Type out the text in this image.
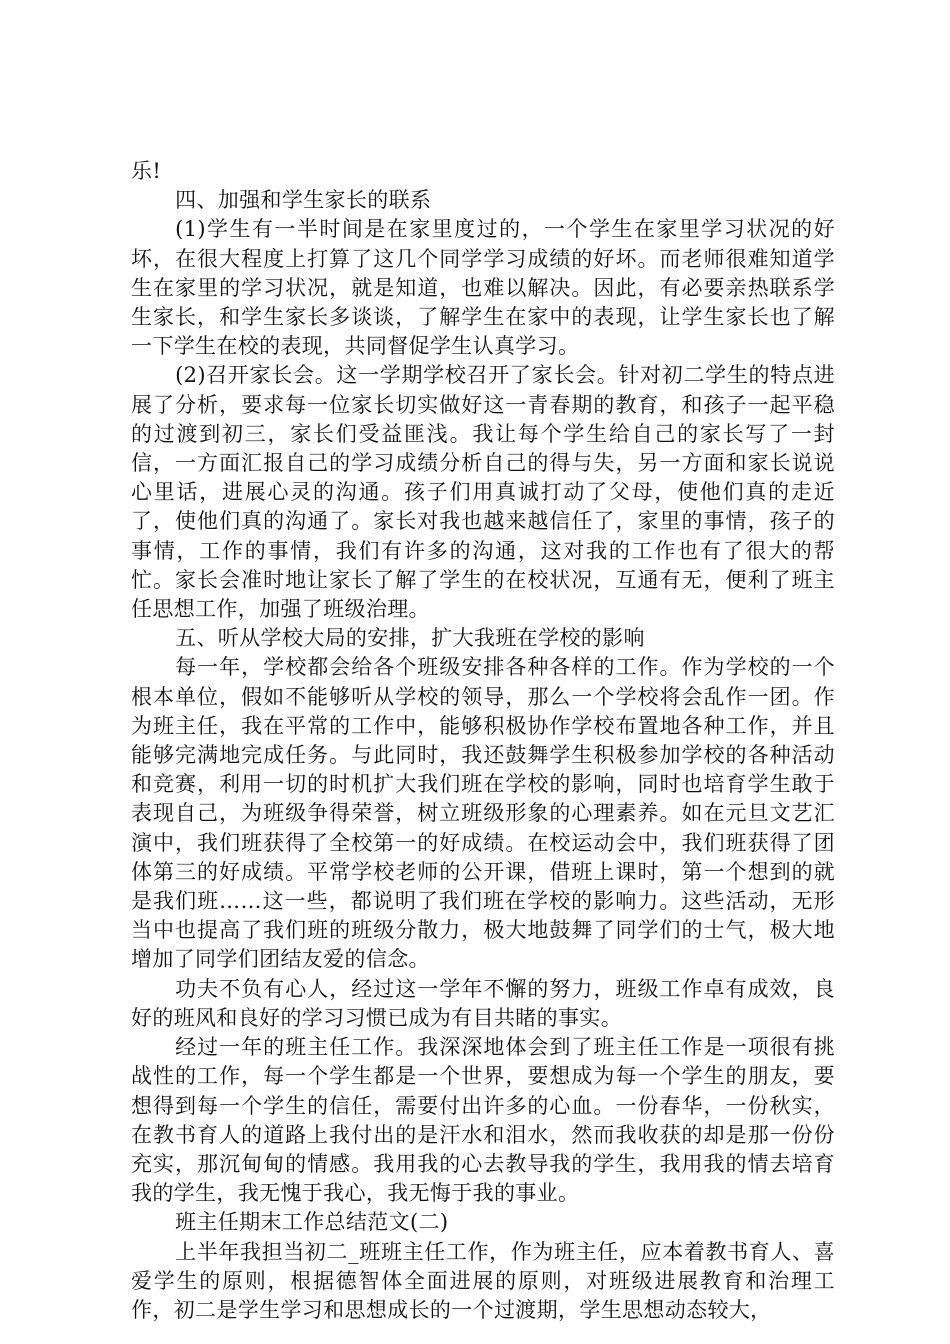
乐!

四、加强和学生家长的联系

(1)学生有一半时间是在家里度过的，一个学生在家里学习状况的好坏，在很大程度上打算了这几个同学学习成绩的好坏。而老师很难知道学生在家里的学习状况，就是知道，也难以解决。因此，有必要亲热联系学生家长，和学生家长多谈谈，了解学生在家中的表现，让学生家长也了解一下学生在校的表现，共同督促学生认真学习。

(2)召开家长会。这一学期学校召开了家长会。针对初二学生的特点进展了分析，要求每一位家长切实做好这一青春期的教育，和孩子一起平稳的过渡到初三，家长们受益匪浅。我让每个学生给自己的家长写了一封信，一方面汇报自己的学习成绩分析自己的得与失，另一方面和家长说说心里话，进展心灵的沟通。孩子们用真诚打动了父母，使他们真的走近了，使他们真的沟通了。家长对我也越来越信任了，家里的事情，孩子的事情，工作的事情，我们有许多的沟通，这对我的工作也有了很大的帮忙。家长会准时地让家长了解了学生的在校状况，互通有无，便利了班主任思想工作，加强了班级治理。

五、听从学校大局的安排，扩大我班在学校的影响

每一年，学校都会给各个班级安排各种各样的工作。作为学校的一个根本单位，假如不能够听从学校的领导，那么一个学校将会乱作一团。作为班主任，我在平常的工作中，能够积极协作学校布置地各种工作，并且能够完满地完成任务。与此同时，我还鼓舞学生积极参加学校的各种活动和竞赛，利用一切的时机扩大我们班在学校的影响，同时也培育学生敢于表现自己，为班级争得荣誉，树立班级形象的心理素养。如在元旦文艺汇演中，我们班获得了全校第一的好成绩。在校运动会中，我们班获得了团体第三的好成绩。平常学校老师的公开课，借班上课时，第一个想到的就是我们班……这一些，都说明了我们班在学校的影响力。这些活动，无形当中也提高了我们班的班级分散力，极大地鼓舞了同学们的士气，极大地增加了同学们团结友爱的信念。

功夫不负有心人，经过这一学年不懈的努力，班级工作卓有成效，良好的班风和良好的学习习惯已成为有目共睹的事实。

经过一年的班主任工作。我深深地体会到了班主任工作是一项很有挑战性的工作，每一个学生都是一个世界，要想成为每一个学生的朋友，要想得到每一个学生的信任，需要付出许多的心血。一份春华，一份秋实，在教书育人的道路上我付出的是汗水和泪水，然而我收获的却是那一份份充实，那沉甸甸的情感。我用我的心去教导我的学生，我用我的情去培育我的学生，我无愧于我心，我无悔于我的事业。

班主任期末工作总结范文(二)

上半年我担当初二_班班主任工作，作为班主任，应本着教书育人、喜爱学生的原则，根据德智体全面进展的原则，对班级进展教育和治理工作，初二是学生学习和思想成长的一个过渡期，学生思想动态较大，
